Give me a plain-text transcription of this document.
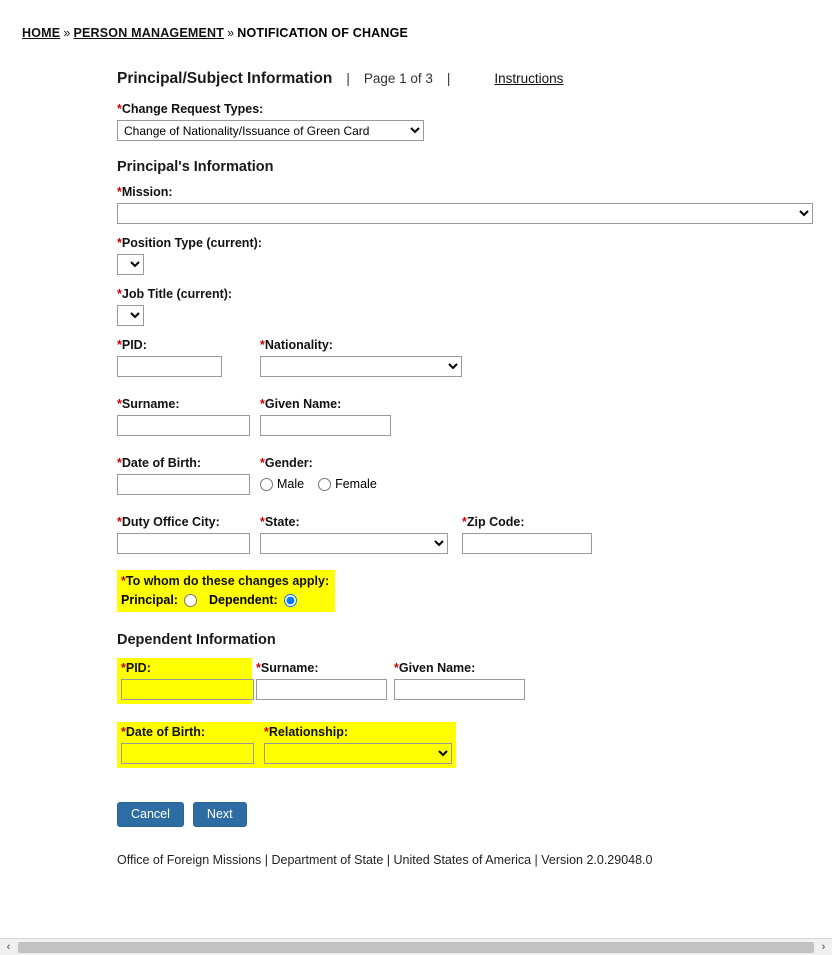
HOME » PERSON MANAGEMENT » NOTIFICATION OF CHANGE
Principal/Subject Information	|	Page 1 of 3	|	Instructions
*Change Request Types:
Change of Nationality/Issuance of Green Card
Principal's Information
*Mission:
*Position Type (current):
*Job Title (current):
*PID:	*Nationality:
*Surname:	*Given Name:
*Date of Birth:	*Gender:
Male Female
*Duty Office City:	*State:	*Zip Code:
*To whom do these changes apply:
Principal: Dependent:
Dependent Information
*PID:	*Surname:	*Given Name:
*Date of Birth:	*Relationship:
Cancel	Next
Office of Foreign Missions | Department of State | United States of America | Version 2.0.29048.0
‹	›
